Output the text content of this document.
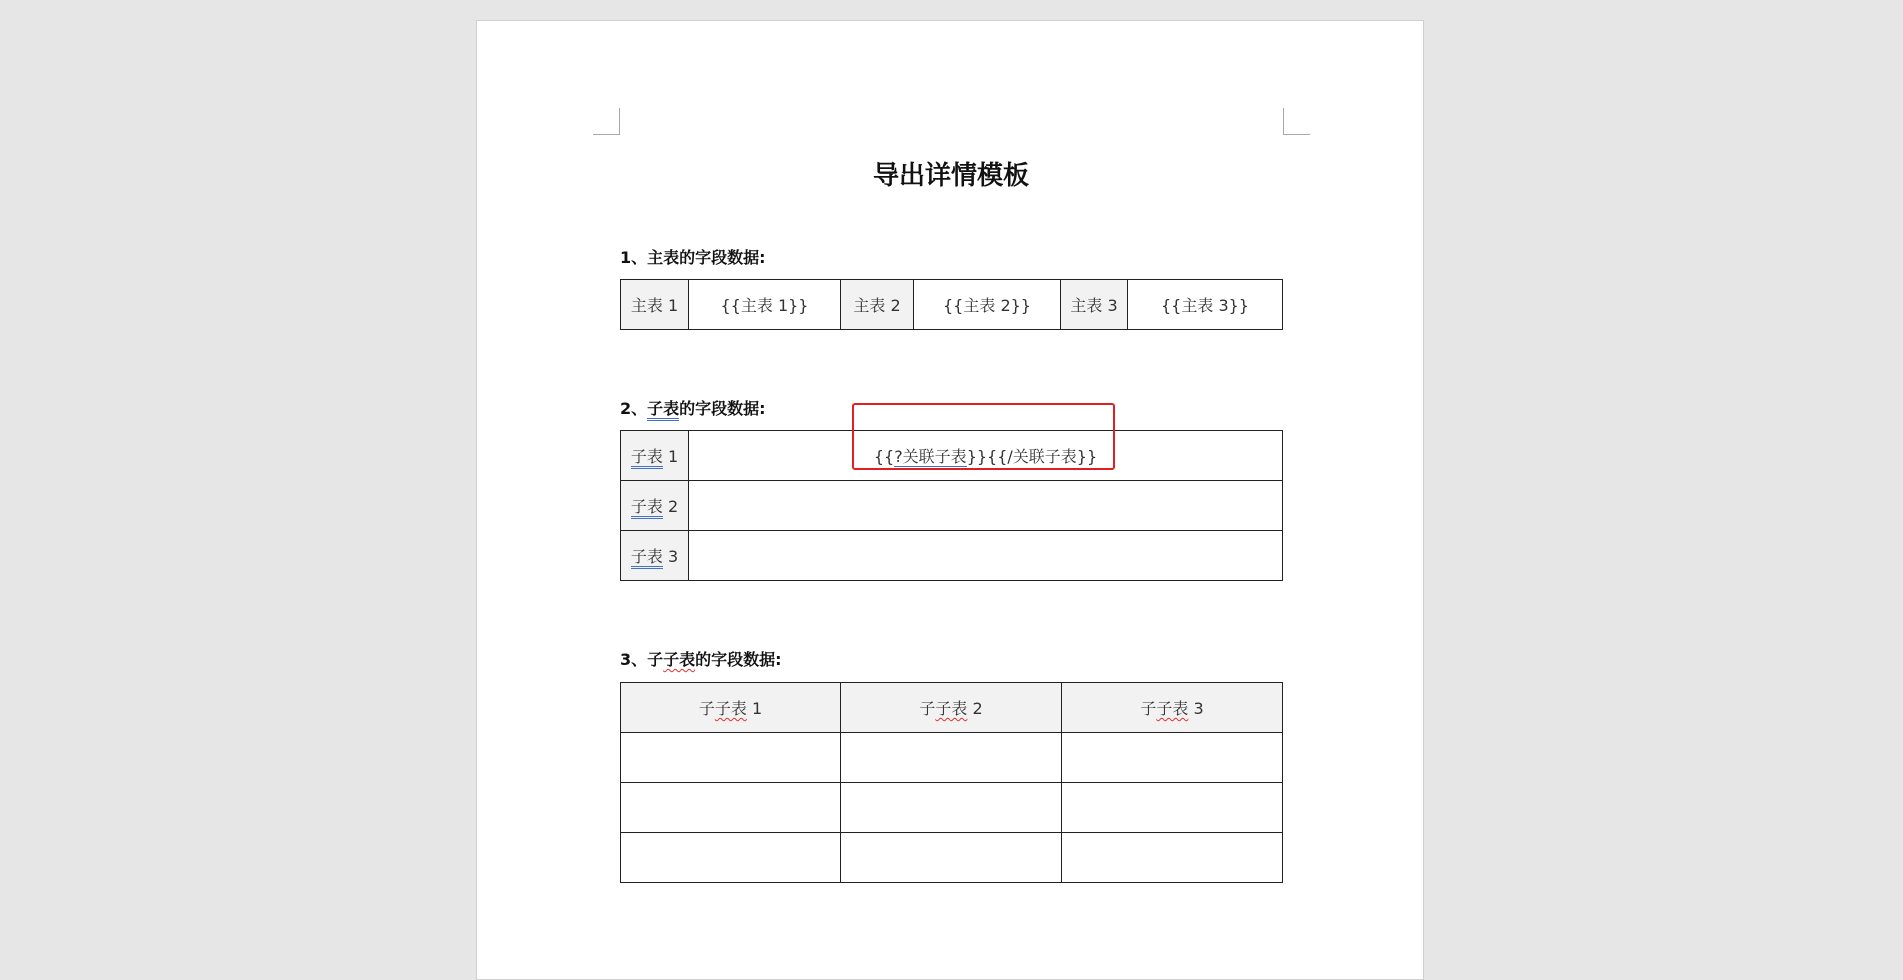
导出详情模板
1、主表的字段数据:
主表 1	{{主表 1}}	主表 2	{{主表 2}}	主表 3	{{主表 3}}
2、子表的字段数据:
子表 1	{{?关联子表}}{{/关联子表}}
子表 2	
子表 3	
3、子子表的字段数据:
子子表 1	子子表 2	子子表 3
